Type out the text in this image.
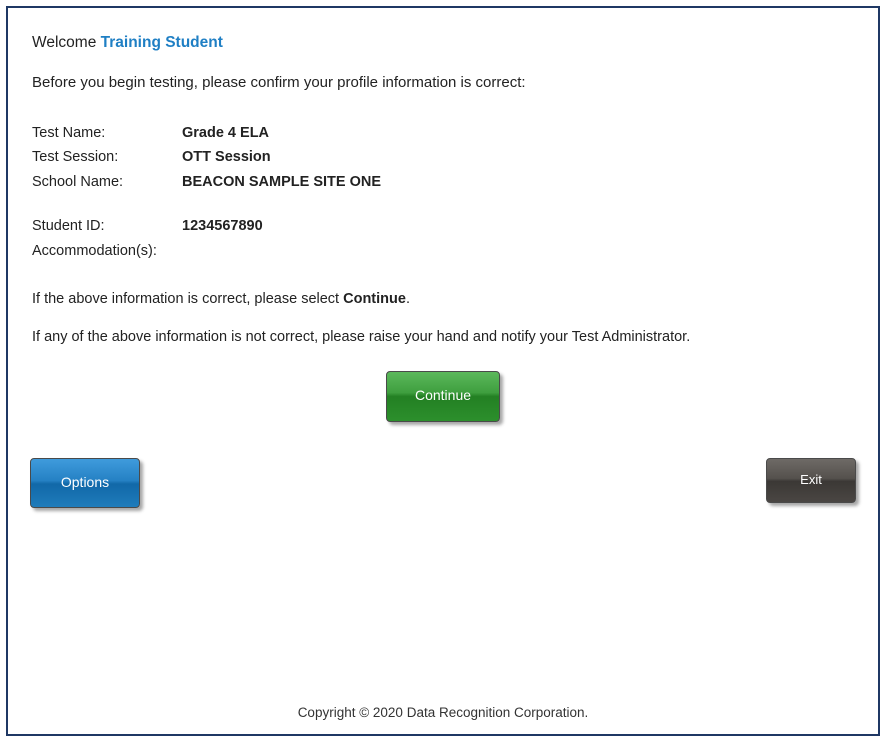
Welcome Training Student

Before you begin testing, please confirm your profile information is correct:

Test Name:	Grade 4 ELA
Test Session:	OTT Session
School Name:	BEACON SAMPLE SITE ONE

Student ID:	1234567890
Accommodation(s):	

If the above information is correct, please select Continue.

If any of the above information is not correct, please raise your hand and notify your Test Administrator.

Continue
Options	Exit
Copyright © 2020 Data Recognition Corporation.
